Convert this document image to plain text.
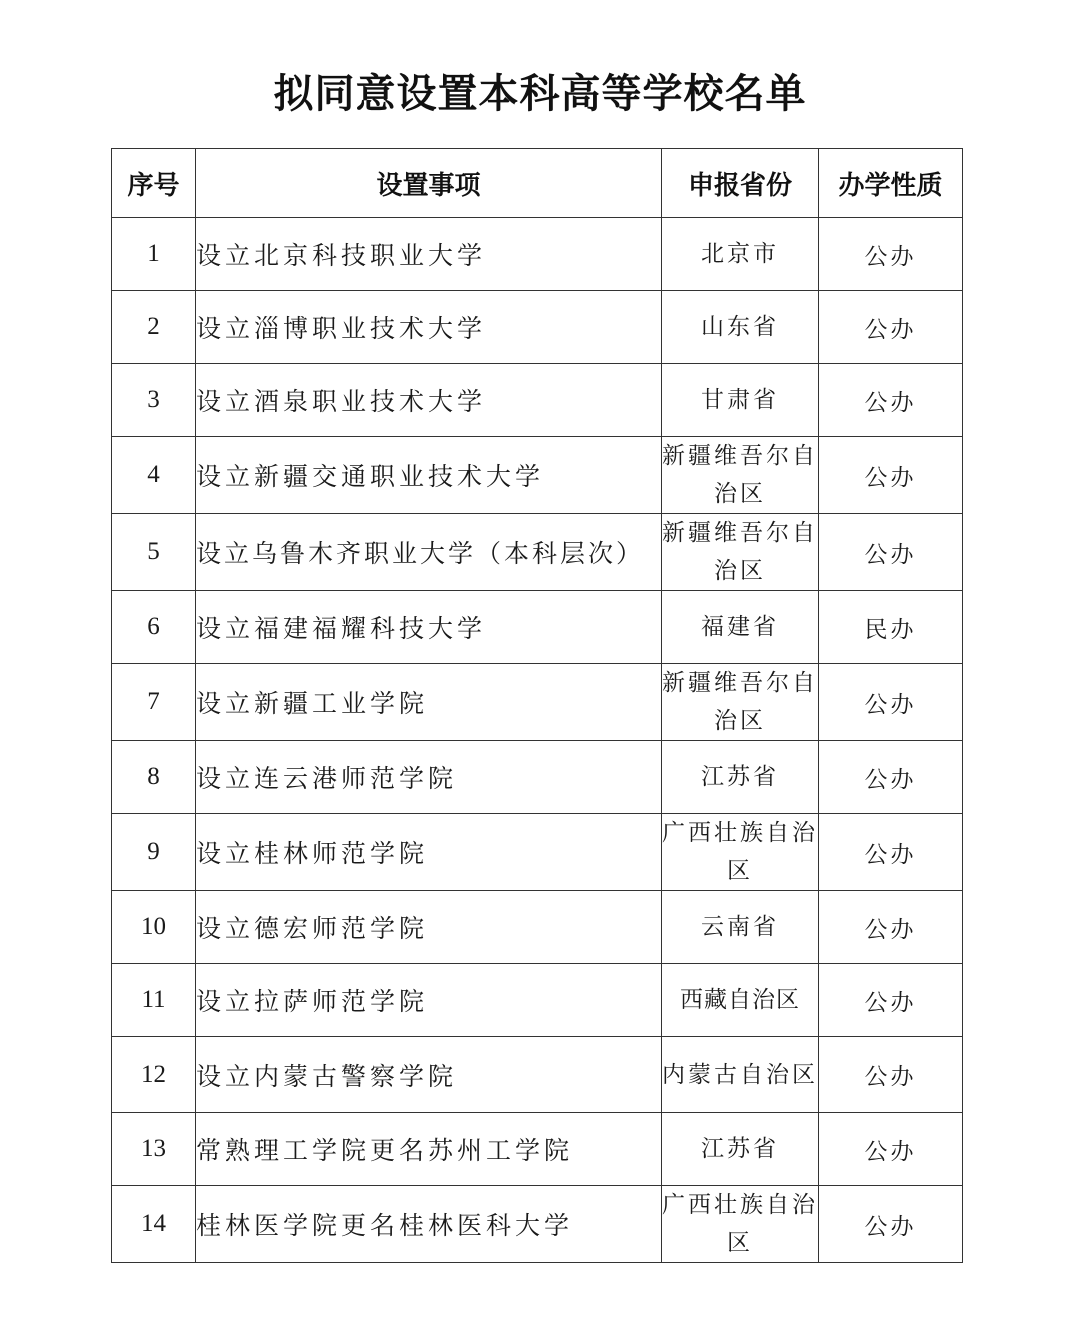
拟同意设置本科高等学校名单
序号	设置事项	申报省份	办学性质
1	设立北京科技职业大学	北京市	公办
2	设立淄博职业技术大学	山东省	公办
3	设立酒泉职业技术大学	甘肃省	公办
4	设立新疆交通职业技术大学	新疆维吾尔自治区	公办
5	设立乌鲁木齐职业大学（本科层次）	新疆维吾尔自治区	公办
6	设立福建福耀科技大学	福建省	民办
7	设立新疆工业学院	新疆维吾尔自治区	公办
8	设立连云港师范学院	江苏省	公办
9	设立桂林师范学院	广西壮族自治区	公办
10	设立德宏师范学院	云南省	公办
11	设立拉萨师范学院	西藏自治区	公办
12	设立内蒙古警察学院	内蒙古自治区	公办
13	常熟理工学院更名苏州工学院	江苏省	公办
14	桂林医学院更名桂林医科大学	广西壮族自治区	公办
